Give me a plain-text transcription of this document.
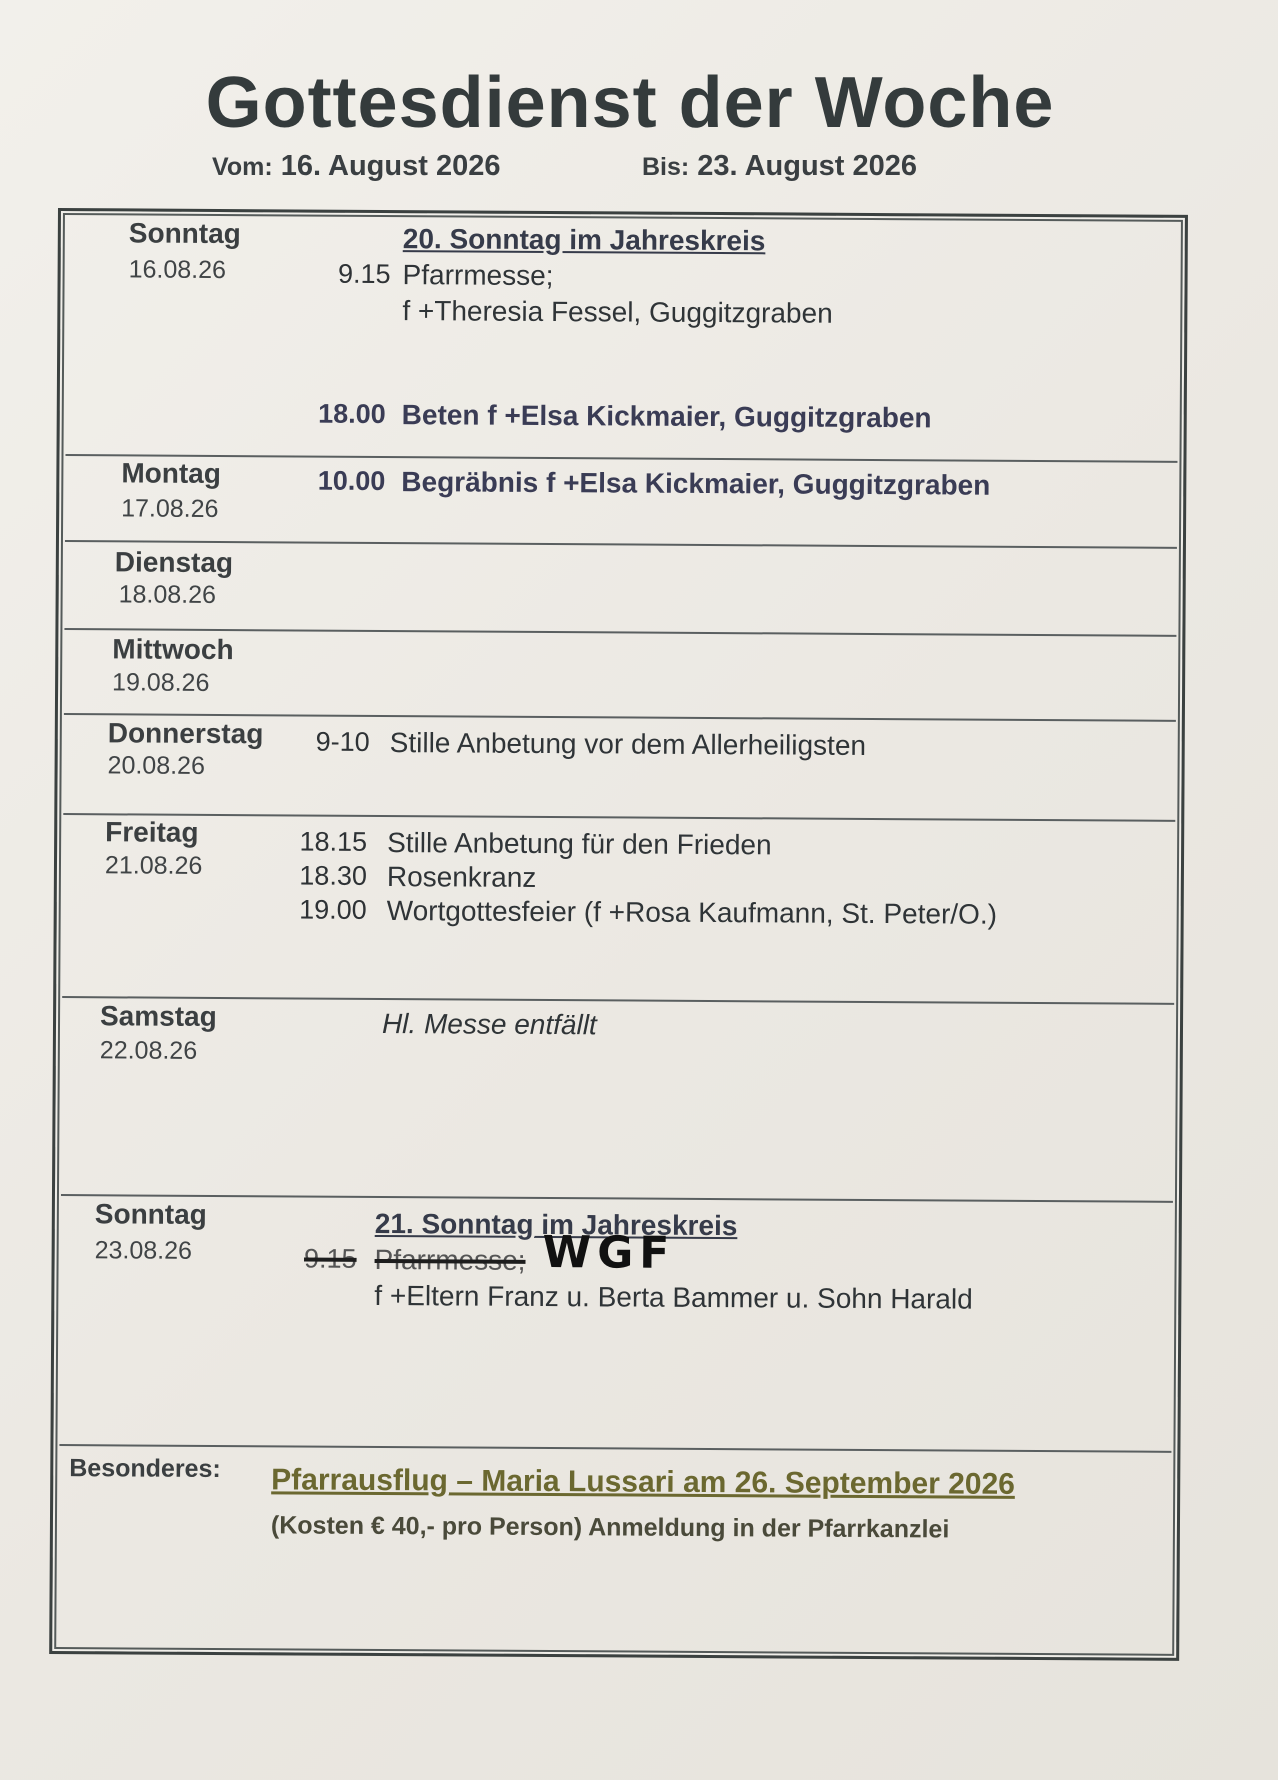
Gottesdienst der Woche
Vom: 16. August 2026	Bis: 23. August 2026
Sonntag
16.08.26
20. Sonntag im Jahreskreis
9.15 Pfarrmesse;
f +Theresia Fessel, Guggitzgraben
18.00 Beten f +Elsa Kickmaier, Guggitzgraben
Montag
17.08.26
10.00 Begräbnis f +Elsa Kickmaier, Guggitzgraben
Dienstag
18.08.26
Mittwoch
19.08.26
Donnerstag
20.08.26
9-10 Stille Anbetung vor dem Allerheiligsten
Freitag
21.08.26
18.15 Stille Anbetung für den Frieden
18.30 Rosenkranz
19.00 Wortgottesfeier (f +Rosa Kaufmann, St. Peter/O.)
Samstag
22.08.26
Hl. Messe entfällt
Sonntag
23.08.26
21. Sonntag im Jahreskreis
9.15 Pfarrmesse; WGF
f +Eltern Franz u. Berta Bammer u. Sohn Harald
Besonderes: Pfarrausflug – Maria Lussari am 26. September 2026
(Kosten € 40,- pro Person) Anmeldung in der Pfarrkanzlei
